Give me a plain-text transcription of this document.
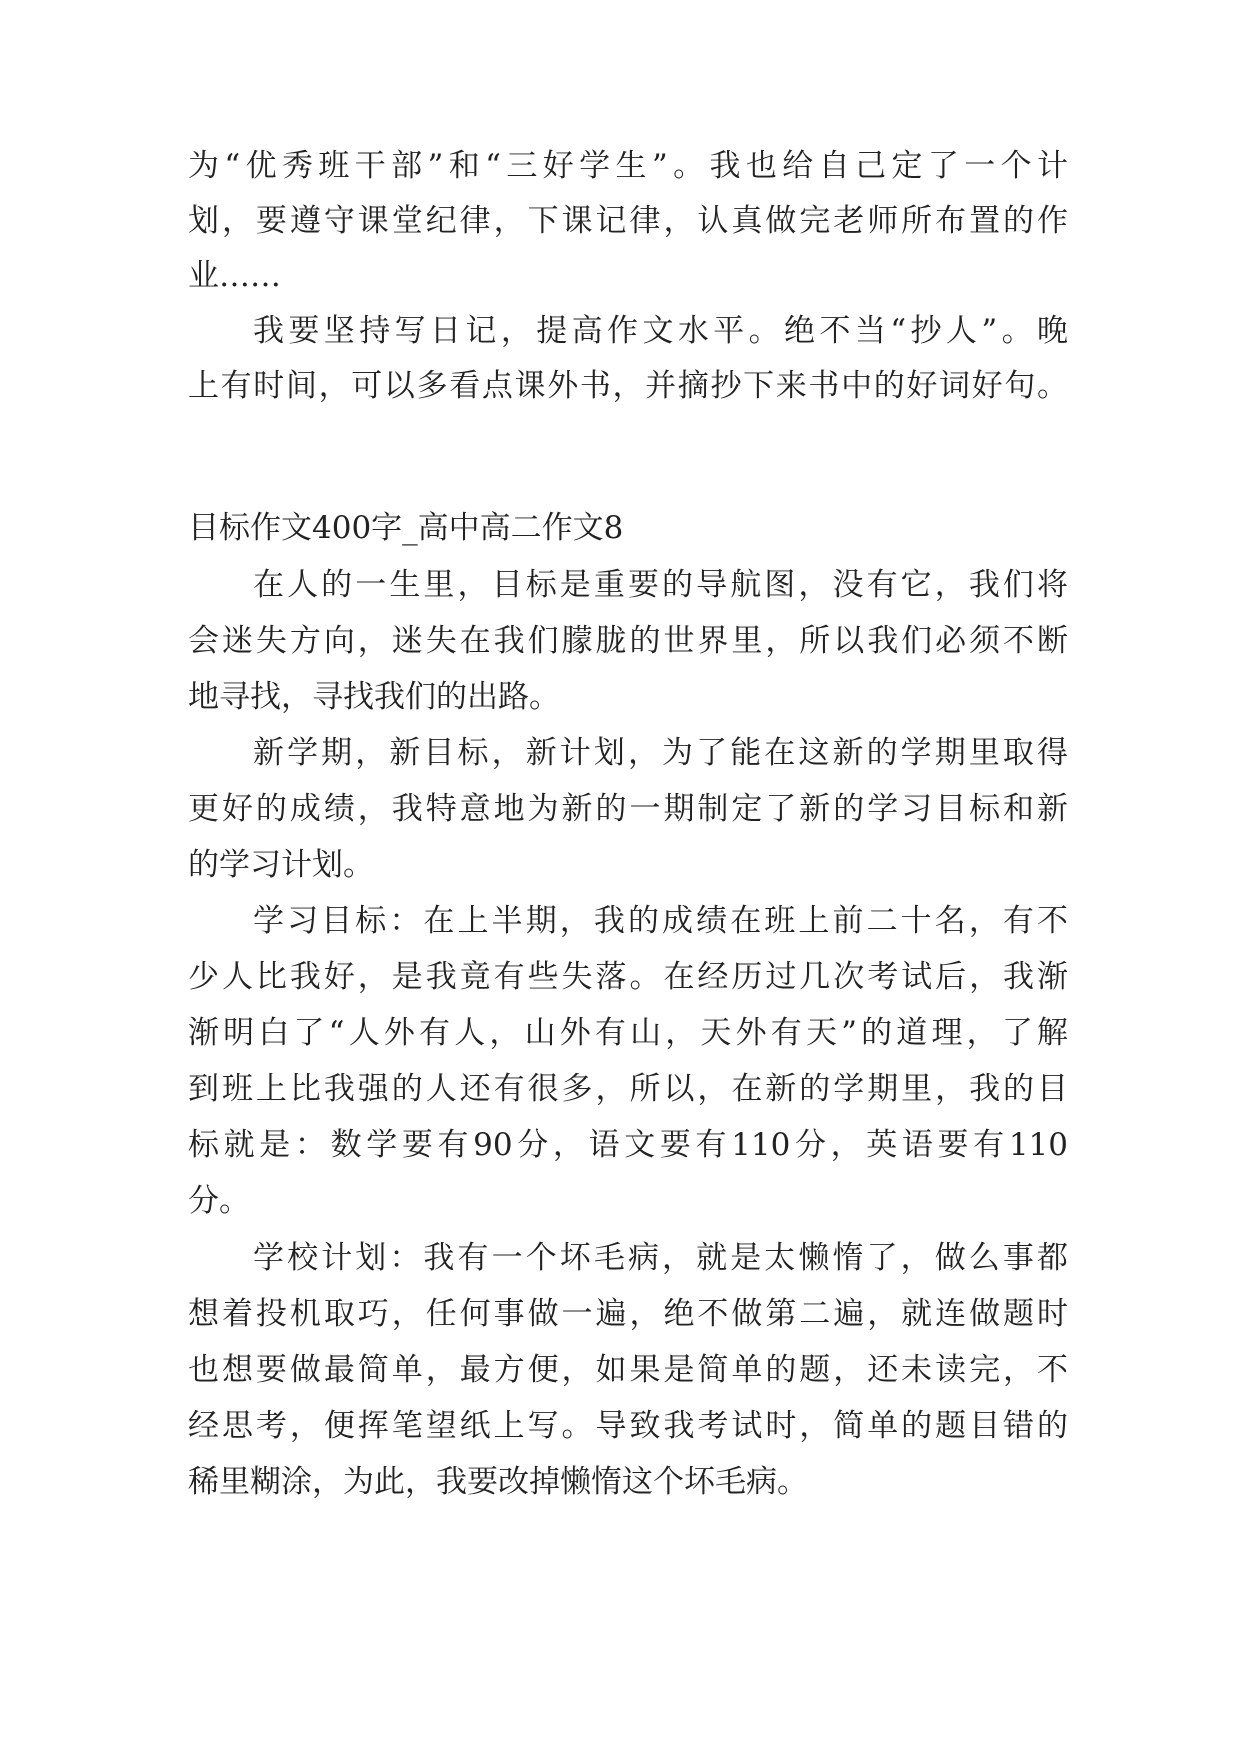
为“优秀班干部”和“三好学生”。我也给自己定了一个计
划，要遵守课堂纪律，下课记律，认真做完老师所布置的作
业……
我要坚持写日记，提高作文水平。绝不当“抄人”。晚
上有时间，可以多看点课外书，并摘抄下来书中的好词好句。
目标作文400字_高中高二作文8
在人的一生里，目标是重要的导航图，没有它，我们将
会迷失方向，迷失在我们朦胧的世界里，所以我们必须不断
地寻找，寻找我们的出路。
新学期，新目标，新计划，为了能在这新的学期里取得
更好的成绩，我特意地为新的一期制定了新的学习目标和新
的学习计划。
学习目标：在上半期，我的成绩在班上前二十名，有不
少人比我好，是我竟有些失落。在经历过几次考试后，我渐
渐明白了“人外有人，山外有山，天外有天”的道理，了解
到班上比我强的人还有很多，所以，在新的学期里，我的目
标就是：数学要有90分，语文要有110分，英语要有110
分。
学校计划：我有一个坏毛病，就是太懒惰了，做么事都
想着投机取巧，任何事做一遍，绝不做第二遍，就连做题时
也想要做最简单，最方便，如果是简单的题，还未读完，不
经思考，便挥笔望纸上写。导致我考试时，简单的题目错的
稀里糊涂，为此，我要改掉懒惰这个坏毛病。
